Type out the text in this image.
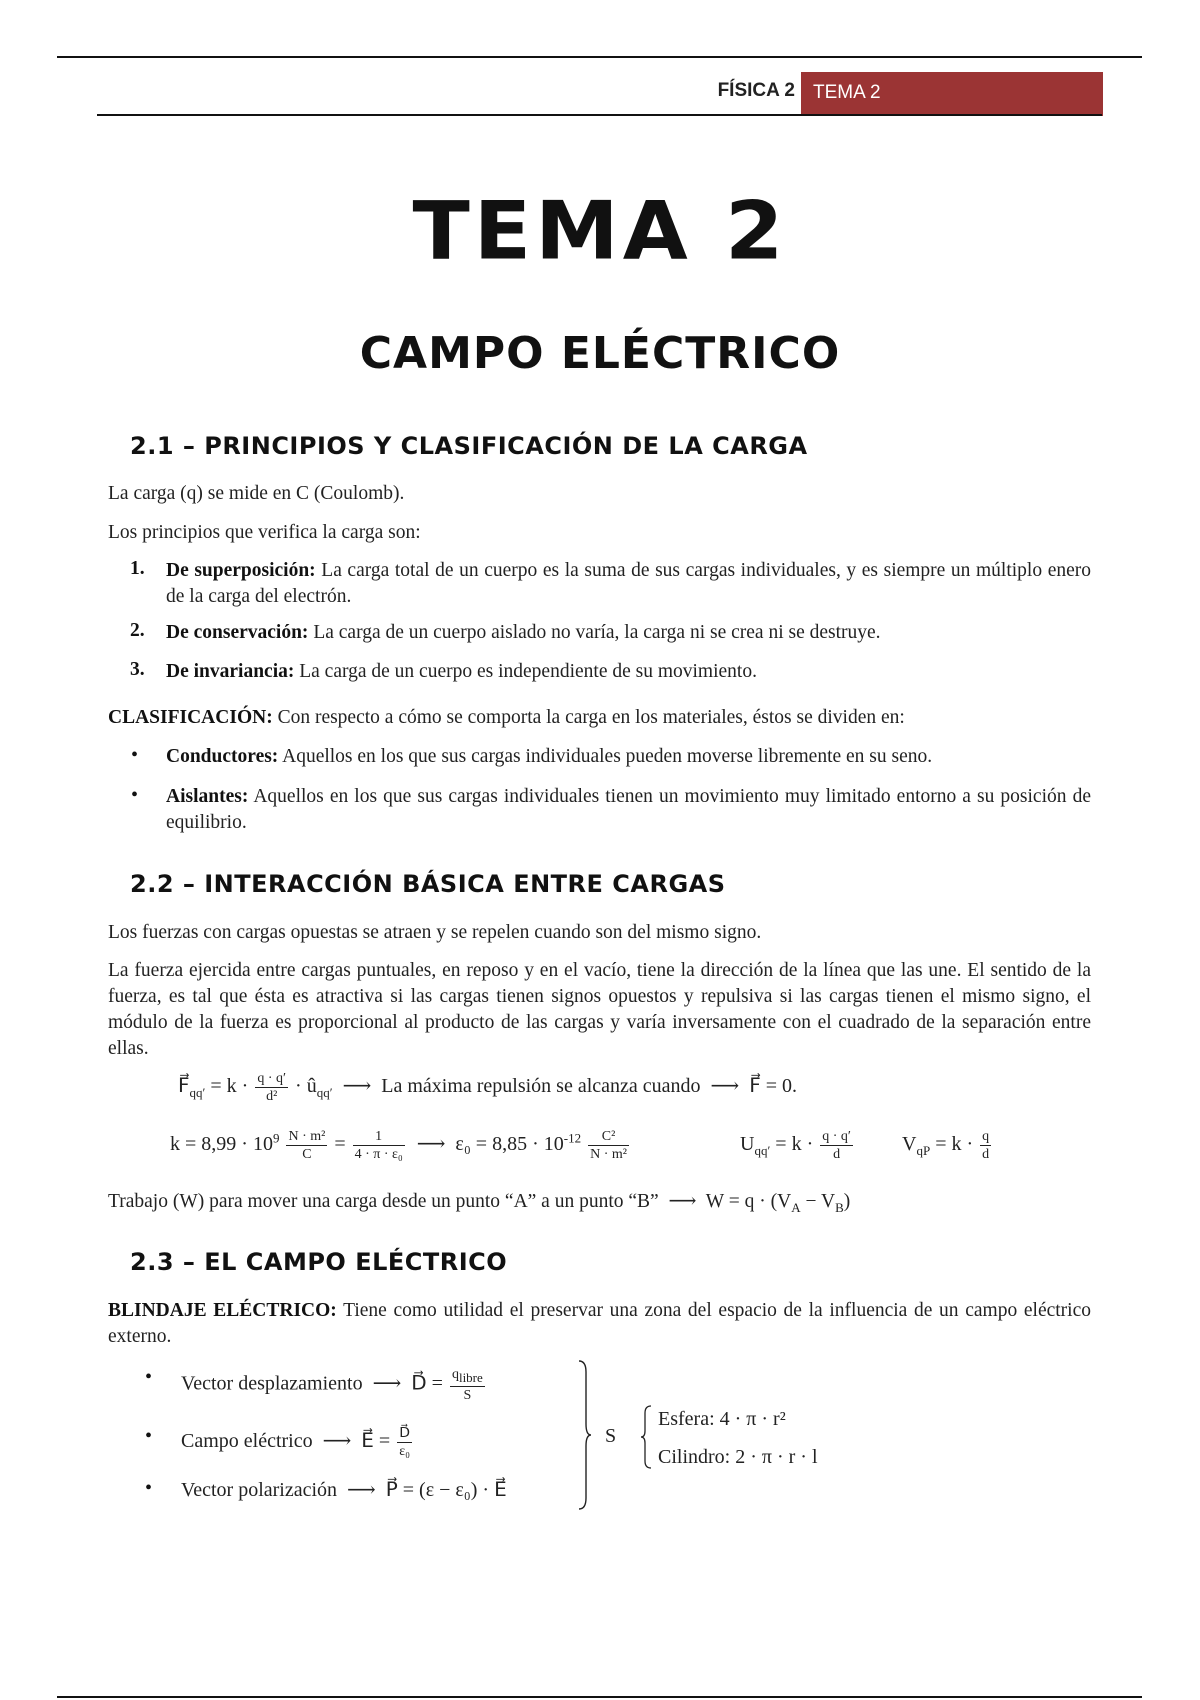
FÍSICA 2 TEMA 2
TEMA 2
CAMPO ELÉCTRICO
2.1 – PRINCIPIOS Y CLASIFICACIÓN DE LA CARGA
La carga (q) se mide en C (Coulomb).
Los principios que verifica la carga son:
1. De superposición: La carga total de un cuerpo es la suma de sus cargas individuales, y es siempre un múltiplo enero de la carga del electrón.
2. De conservación: La carga de un cuerpo aislado no varía, la carga ni se crea ni se destruye.
3. De invariancia: La carga de un cuerpo es independiente de su movimiento.
CLASIFICACIÓN: Con respecto a cómo se comporta la carga en los materiales, éstos se dividen en:
• Conductores: Aquellos en los que sus cargas individuales pueden moverse libremente en su seno.
• Aislantes: Aquellos en los que sus cargas individuales tienen un movimiento muy limitado entorno a su posición de equilibrio.
2.2 – INTERACCIÓN BÁSICA ENTRE CARGAS
Los fuerzas con cargas opuestas se atraen y se repelen cuando son del mismo signo.
La fuerza ejercida entre cargas puntuales, en reposo y en el vacío, tiene la dirección de la línea que las une. El sentido de la fuerza, es tal que ésta es atractiva si las cargas tienen signos opuestos y repulsiva si las cargas tienen el mismo signo, el módulo de la fuerza es proporcional al producto de las cargas y varía inversamente con el cuadrado de la separación entre ellas.
$F⃗_{qq'} = k \cdot \frac{q \cdot q'}{\text{d²}}$ · $û_{qq'}$  ⟶  La máxima repulsión se alcanza cuando  ⟶  F⃗ = 0.
$k = 8,99 \cdot 10^9 \frac{\text{N · m²}}{C} = \frac{1}{\text{4 · π · ε₀}}$ ⟶  $\varepsilon_0 = 8,85 \cdot 10^{-12} \frac{\text{C²}}{\text{N · m²}}$	$U_{qq'} = k \cdot \frac{q \cdot q'}{d} V_{qP} = k \cdot \frac{q}{d}$
Trabajo (W) para mover una carga desde un punto “A” a un punto “B”  ⟶  $W = q \cdot (V_A - V_B)$
2.3 – EL CAMPO ELÉCTRICO
BLINDAJE ELÉCTRICO: Tiene como utilidad el preservar una zona del espacio de la influencia de un campo eléctrico externo.
• Vector desplazamiento  ⟶  D⃗ = $\frac{q_{libre}}{S}$
• Campo eléctrico  ⟶  E⃗ = $\frac{D⃗}{\text{ε₀}}$
• Vector polarización  ⟶  P⃗ = (ε − ε₀) · E⃗
S
Esfera: 4 · π · r²
Cilindro: 2 · π · r · l
